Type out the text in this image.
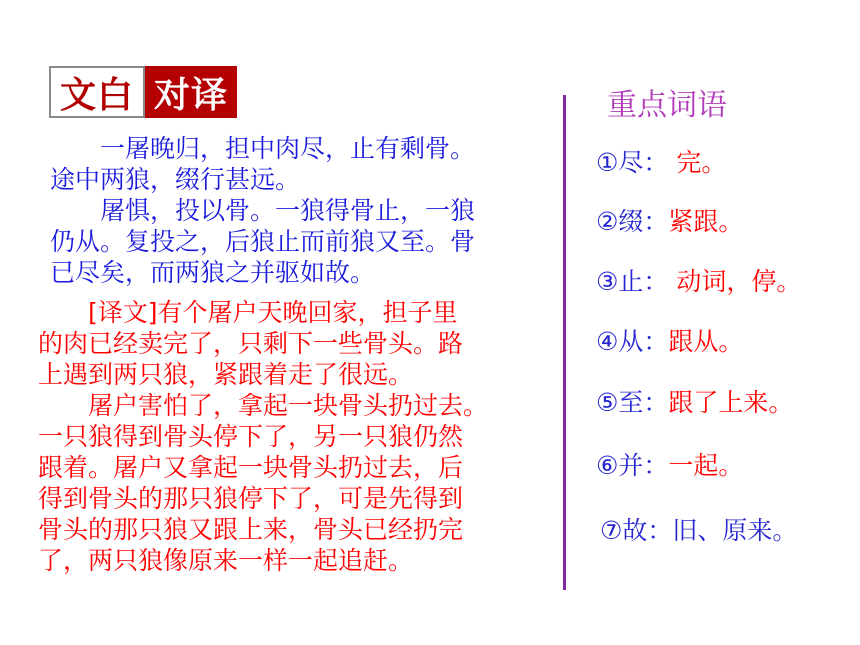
文白 对译

　　一屠晚归，担中肉尽，止有剩骨。

途中两狼，缀行甚远。

　　屠惧，投以骨。一狼得骨止，一狼

仍从。复投之，后狼止而前狼又至。骨

已尽矣，而两狼之并驱如故。

　　[译文]有个屠户天晚回家，担子里

的肉已经卖完了，只剩下一些骨头。路

上遇到两只狼，紧跟着走了很远。

　　屠户害怕了，拿起一块骨头扔过去。

一只狼得到骨头停下了，另一只狼仍然

跟着。屠户又拿起一块骨头扔过去，后

得到骨头的那只狼停下了，可是先得到

骨头的那只狼又跟上来，骨头已经扔完

了，两只狼像原来一样一起追赶。

重点词语
①尽： 完。
②缀：紧跟。
③止： 动词，停。
④从：跟从。
⑤至：跟了上来。
⑥并：一起。
⑦故：旧、原来。
